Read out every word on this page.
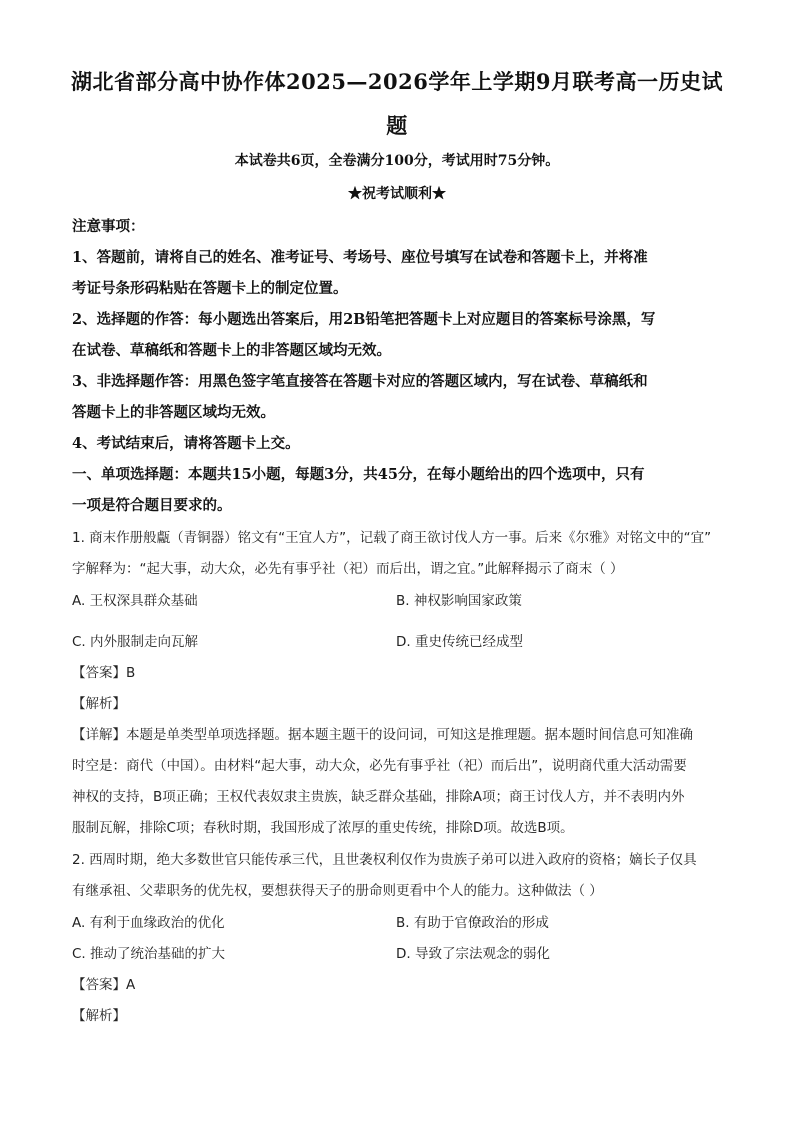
湖北省部分高中协作体2025—2026学年上学期9月联考高一历史试
题
本试卷共6页，全卷满分100分，考试用时75分钟。
★祝考试顺利★
注意事项：
1、答题前，请将自己的姓名、准考证号、考场号、座位号填写在试卷和答题卡上，并将准
考证号条形码粘贴在答题卡上的制定位置。
2、选择题的作答：每小题选出答案后，用2B铅笔把答题卡上对应题目的答案标号涂黑，写
在试卷、草稿纸和答题卡上的非答题区域均无效。
3、非选择题作答：用黑色签字笔直接答在答题卡对应的答题区域内，写在试卷、草稿纸和
答题卡上的非答题区域均无效。
4、考试结束后，请将答题卡上交。
一、单项选择题：本题共15小题，每题3分，共45分，在每小题给出的四个选项中，只有
一项是符合题目要求的。
1. 商末作册般甗（青铜器）铭文有“王宜人方”，记载了商王欲讨伐人方一事。后来《尔雅》对铭文中的“宜”
字解释为：“起大事，动大众，必先有事乎社（祀）而后出，谓之宜。”此解释揭示了商末（ ）
A. 王权深具群众基础	B. 神权影响国家政策
C. 内外服制走向瓦解	D. 重史传统已经成型
【答案】B
【解析】
【详解】本题是单类型单项选择题。据本题主题干的设问词，可知这是推理题。据本题时间信息可知准确
时空是：商代（中国）。由材料“起大事，动大众，必先有事乎社（祀）而后出”，说明商代重大活动需要
神权的支持，B项正确；王权代表奴隶主贵族，缺乏群众基础，排除A项；商王讨伐人方，并不表明内外
服制瓦解，排除C项；春秋时期，我国形成了浓厚的重史传统，排除D项。故选B项。
2. 西周时期，绝大多数世官只能传承三代，且世袭权利仅作为贵族子弟可以进入政府的资格；嫡长子仅具
有继承祖、父辈职务的优先权，要想获得天子的册命则更看中个人的能力。这种做法（ ）
A. 有利于血缘政治的优化	B. 有助于官僚政治的形成
C. 推动了统治基础的扩大	D. 导致了宗法观念的弱化
【答案】A
【解析】
